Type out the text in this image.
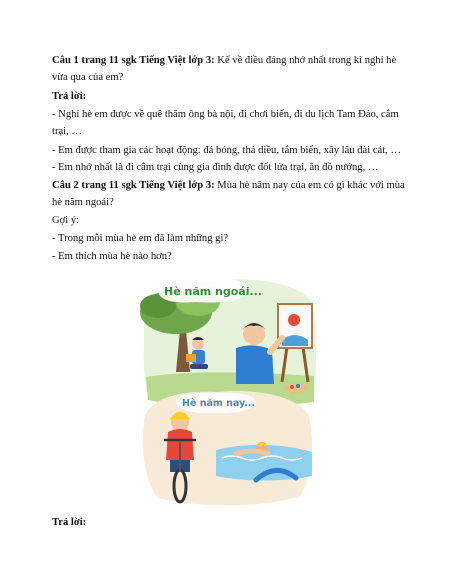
Câu 1 trang 11 sgk Tiếng Việt lớp 3: Kể về điều đáng nhớ nhất trong kì nghỉ hè vừa qua của em?

Trả lời:

- Nghỉ hè em được về quê thăm ông bà nội, đi chơi biển, đi du lịch Tam Đảo, cắm trại, …

- Em được tham gia các hoạt động: đá bóng, thả diều, tắm biển, xây lâu đài cát, …

- Em nhớ nhất là đi cắm trại cùng gia đình được đốt lửa trại, ăn đồ nướng, …

Câu 2 trang 11 sgk Tiếng Việt lớp 3: Mùa hè năm nay của em có gì khác với mùa hè năm ngoái?

Gợi ý:

- Trong mỗi mùa hè em đã làm những gì?

- Em thích mùa hè nào hơn?

Hè năm ngoái...
Hè năm nay...

Trả lời:
